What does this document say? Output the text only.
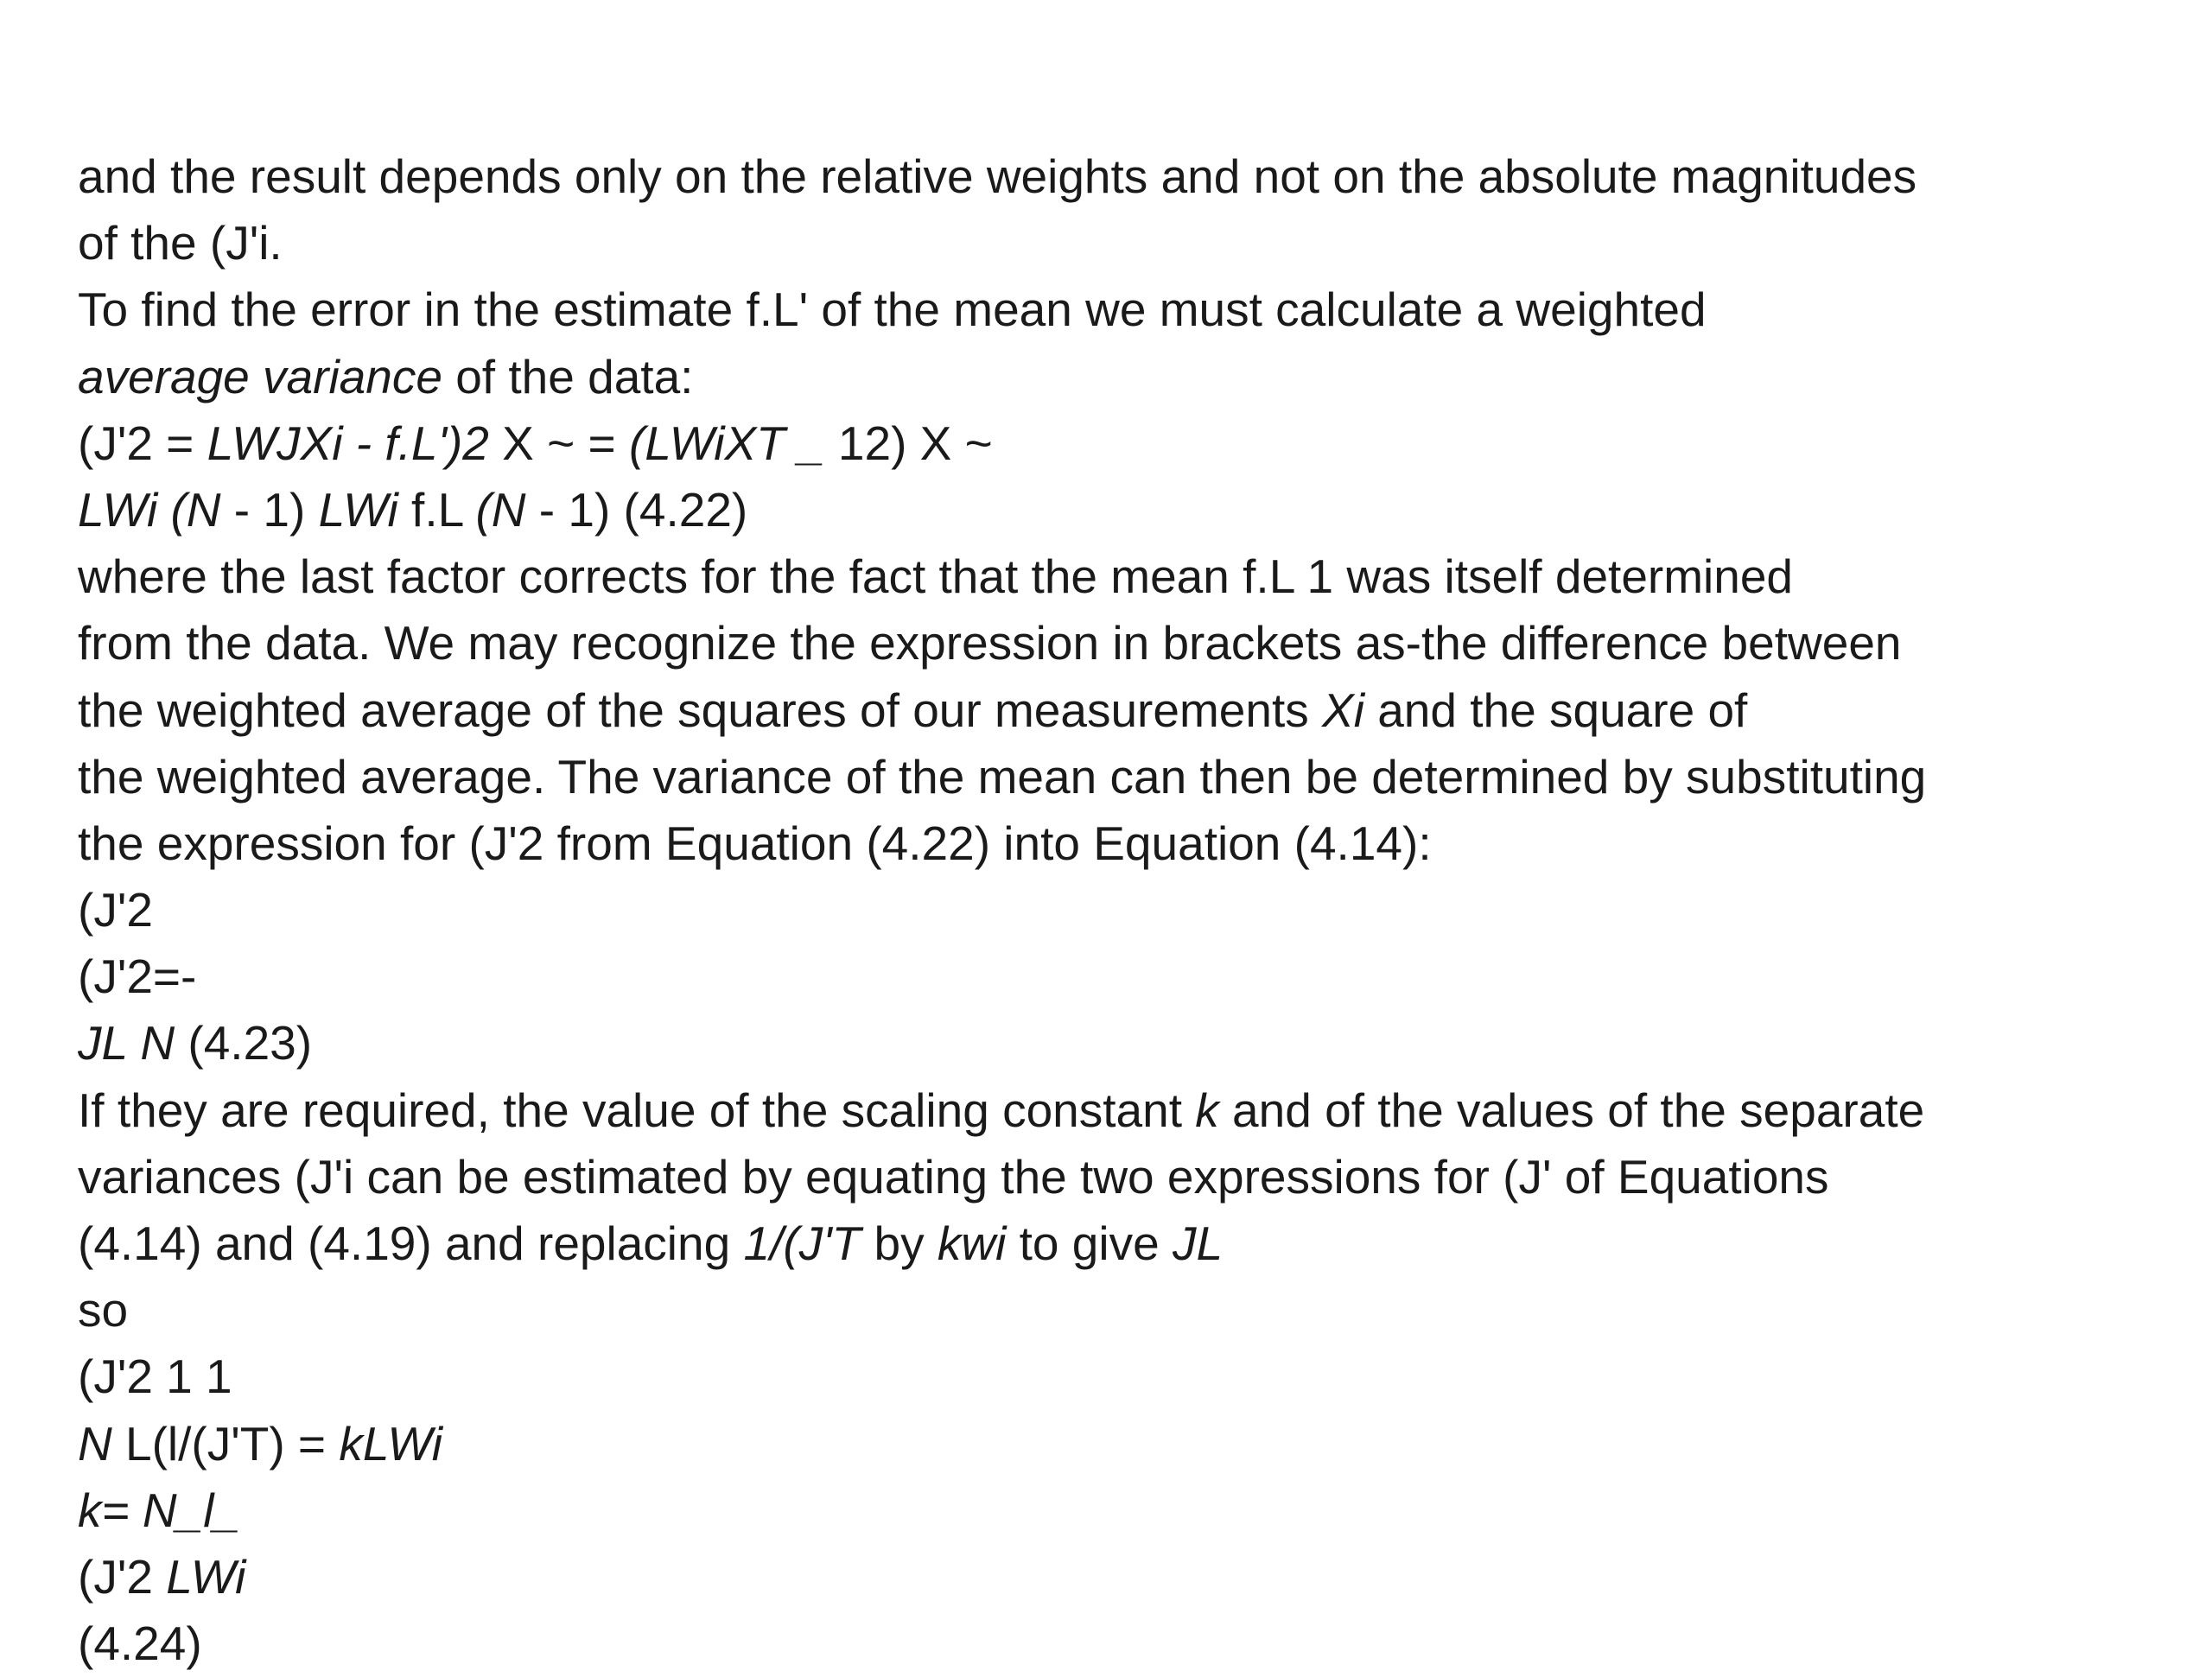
and the result depends only on the relative weights and not on the absolute magnitudes
of the (J'i.
To find the error in the estimate f.L' of the mean we must calculate a weighted
average variance of the data:
(J'2 = LWJXi - f.L')2 X ~ = (LWiXT _ 12) X ~
LWi (N - 1) LWi f.L (N - 1) (4.22)
where the last factor corrects for the fact that the mean f.L 1 was itself determined
from the data. We may recognize the expression in brackets as-the difference between
the weighted average of the squares of our measurements Xi and the square of
the weighted average. The variance of the mean can then be determined by substituting
the expression for (J'2 from Equation (4.22) into Equation (4.14):
(J'2
(J'2=-
JL N (4.23)
If they are required, the value of the scaling constant k and of the values of the separate
variances (J'i can be estimated by equating the two expressions for (J' of Equations
(4.14) and (4.19) and replacing 1/(J'T by kwi to give JL
so
(J'2 1 1
N L(l/(J'T) = kLWi
k= N_l_
(J'2 LWi
(4.24)
